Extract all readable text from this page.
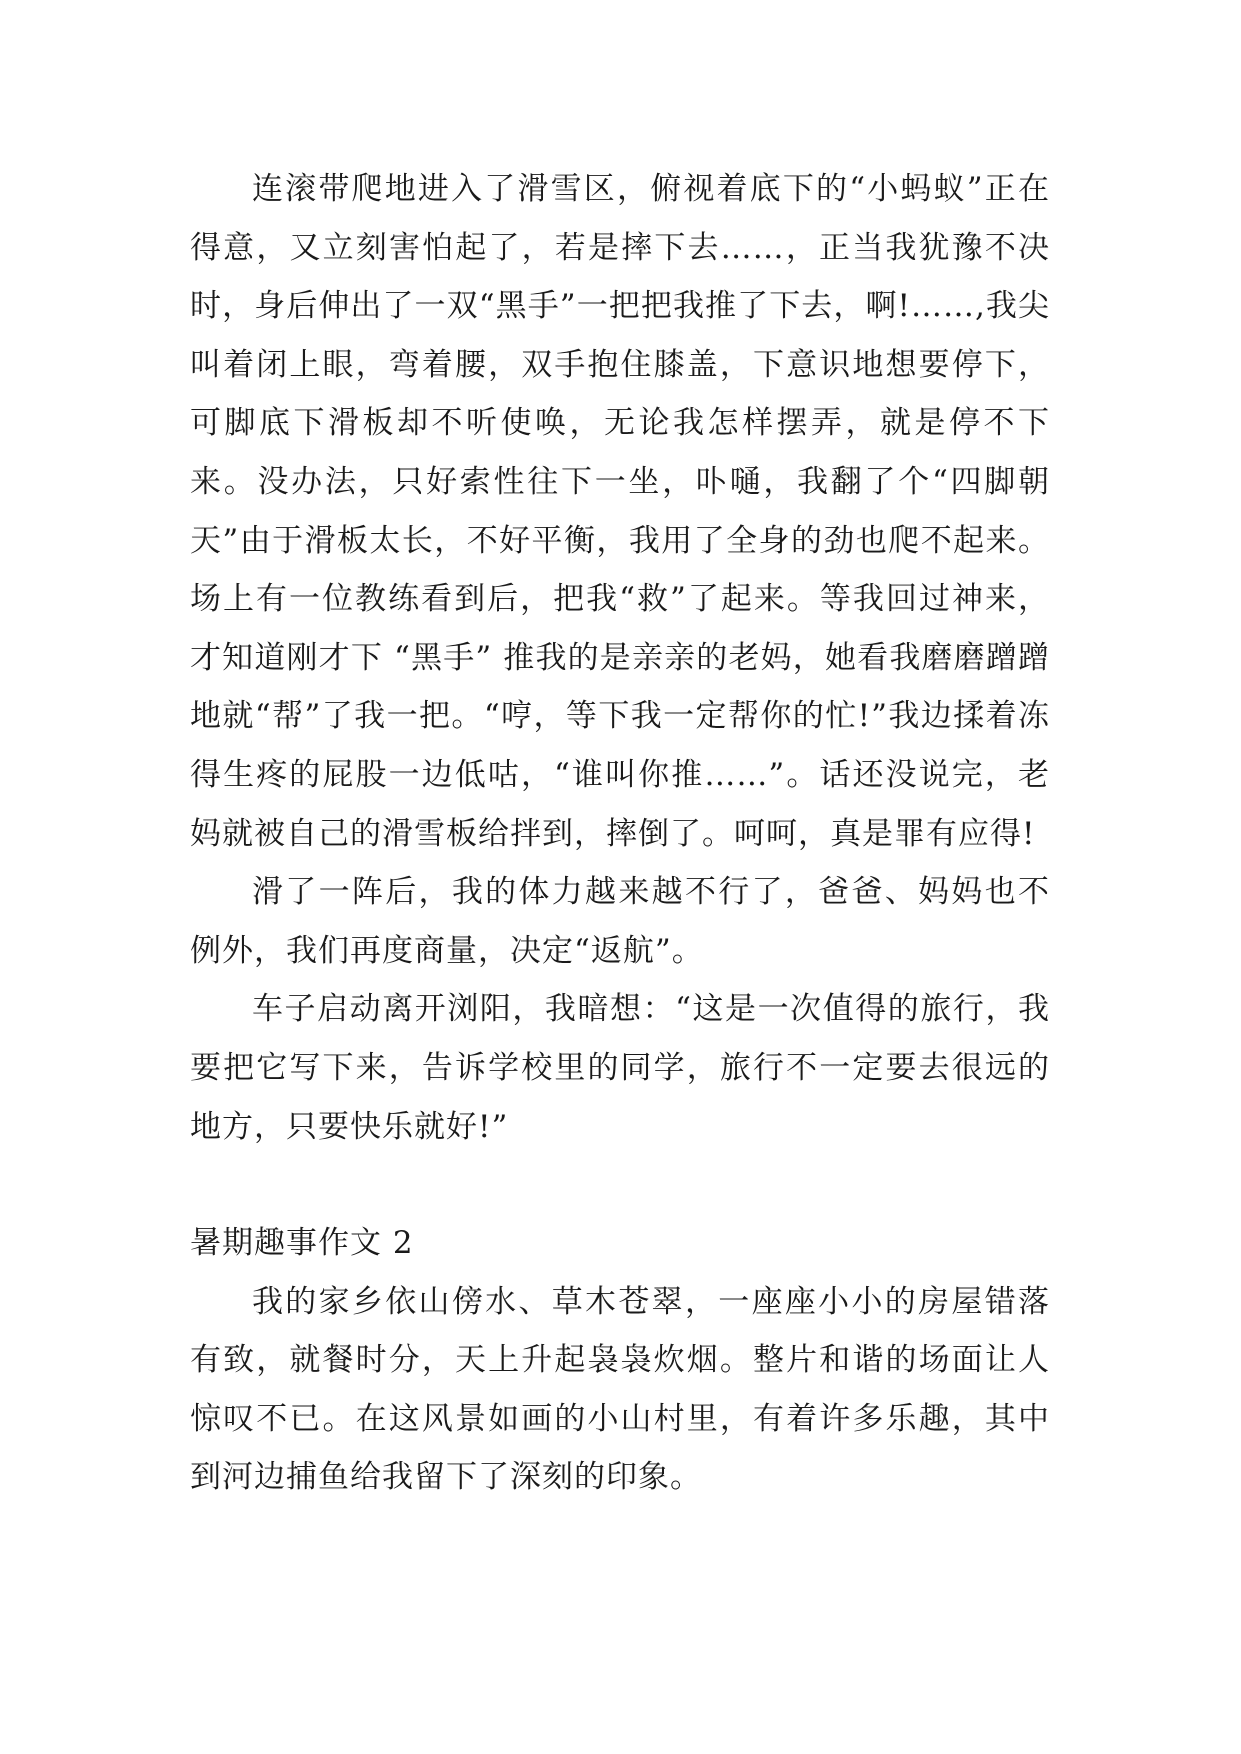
连滚带爬地进入了滑雪区，俯视着底下的“小蚂蚁”正在得意，又立刻害怕起了，若是摔下去……，正当我犹豫不决时，身后伸出了一双“黑手”一把把我推了下去，啊!……,我尖叫着闭上眼，弯着腰，双手抱住膝盖，下意识地想要停下，可脚底下滑板却不听使唤，无论我怎样摆弄，就是停不下来。没办法，只好索性往下一坐，卟嗵，我翻了个“四脚朝天”由于滑板太长，不好平衡，我用了全身的劲也爬不起来。场上有一位教练看到后，把我“救”了起来。等我回过神来，才知道刚才下 “黑手” 推我的是亲亲的老妈，她看我磨磨蹭蹭地就“帮”了我一把。“哼，等下我一定帮你的忙!”我边揉着冻得生疼的屁股一边低咕，“谁叫你推……”。话还没说完，老妈就被自己的滑雪板给拌到，摔倒了。呵呵，真是罪有应得!

滑了一阵后，我的体力越来越不行了，爸爸、妈妈也不例外，我们再度商量，决定“返航”。

车子启动离开浏阳，我暗想：“这是一次值得的旅行，我要把它写下来，告诉学校里的同学，旅行不一定要去很远的地方，只要快乐就好!”

暑期趣事作文 2

我的家乡依山傍水、草木苍翠，一座座小小的房屋错落有致，就餐时分，天上升起袅袅炊烟。整片和谐的场面让人惊叹不已。在这风景如画的小山村里，有着许多乐趣，其中到河边捕鱼给我留下了深刻的印象。
